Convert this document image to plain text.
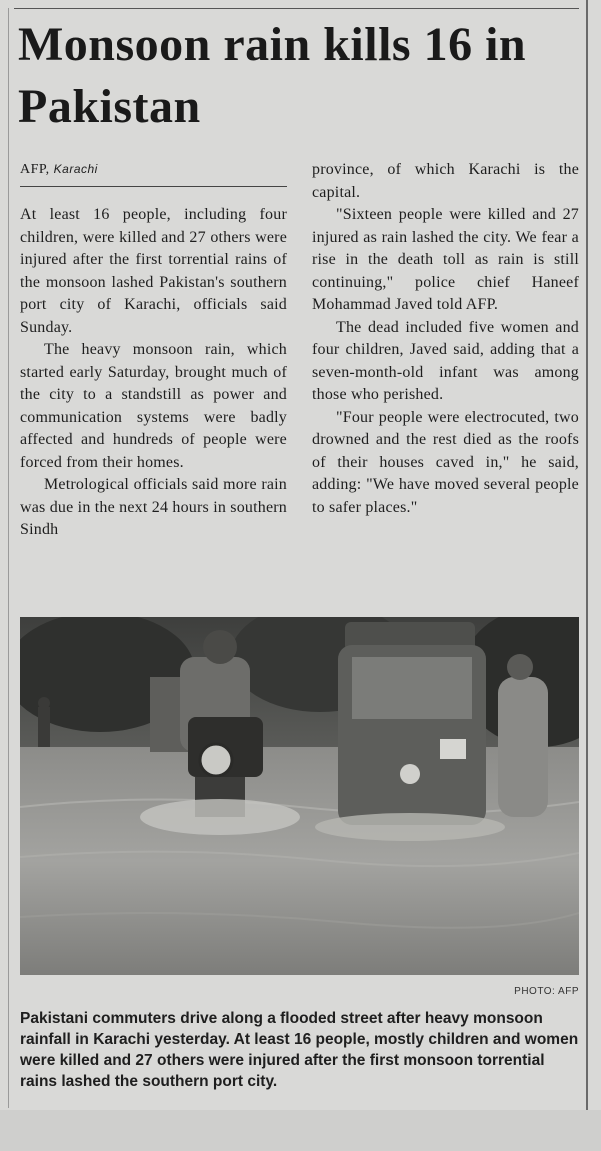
Monsoon rain kills 16 in Pakistan
AFP, Karachi

At least 16 people, including four children, were killed and 27 others were injured after the first torrential rains of the monsoon lashed Pakistan's southern port city of Karachi, officials said Sunday.

The heavy monsoon rain, which started early Saturday, brought much of the city to a standstill as power and communication systems were badly affected and hundreds of people were forced from their homes.

Metrological officials said more rain was due in the next 24 hours in southern Sindh

province, of which Karachi is the capital.

"Sixteen people were killed and 27 injured as rain lashed the city. We fear a rise in the death toll as rain is still continuing," police chief Haneef Mohammad Javed told AFP.

The dead included five women and four children, Javed said, adding that a seven-month-old infant was among those who perished.

"Four people were electrocuted, two drowned and the rest died as the roofs of their houses caved in," he said, adding: "We have moved several people to safer places."

PHOTO: AFP
Pakistani commuters drive along a flooded street after heavy monsoon rainfall in Karachi yesterday. At least 16 people, mostly children and women were killed and 27 others were injured after the first monsoon torrential rains lashed the southern port city.
